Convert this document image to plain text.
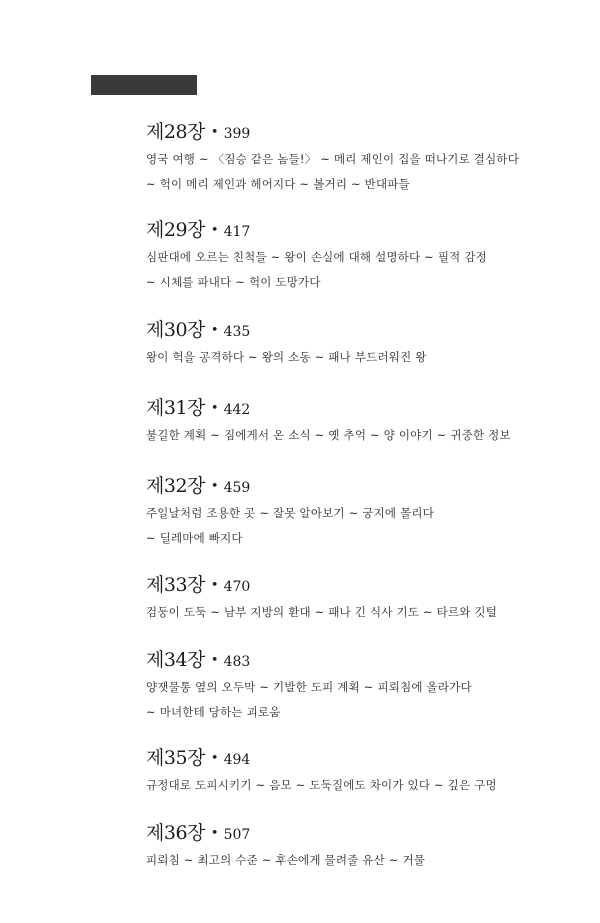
제28장 • 399
영국 여행 ~ 〈짐승 같은 놈들!〉 ~ 메리 제인이 집을 떠나기로 결심하다
~ 헉이 메리 제인과 헤어지다 ~ 볼거리 ~ 반대파들
제29장 • 417
심판대에 오르는 친척들 ~ 왕이 손실에 대해 설명하다 ~ 필적 감정
~ 시체를 파내다 ~ 헉이 도망가다
제30장 • 435
왕이 헉을 공격하다 ~ 왕의 소동 ~ 패나 부드러워진 왕
제31장 • 442
불길한 계획 ~ 짐에게서 온 소식 ~ 옛 추억 ~ 양 이야기 ~ 귀중한 정보
제32장 • 459
주일날처럼 조용한 곳 ~ 잘못 알아보기 ~ 궁지에 몰리다
~ 딜레마에 빠지다
제33장 • 470
검둥이 도둑 ~ 남부 지방의 환대 ~ 패나 긴 식사 기도 ~ 타르와 깃털
제34장 • 483
양잿물통 옆의 오두막 ~ 기발한 도피 계획 ~ 피뢰침에 올라가다
~ 마녀한테 당하는 괴로움
제35장 • 494
규정대로 도피시키기 ~ 음모 ~ 도둑질에도 차이가 있다 ~ 깊은 구멍
제36장 • 507
피뢰침 ~ 최고의 수준 ~ 후손에게 물려줄 유산 ~ 거물
